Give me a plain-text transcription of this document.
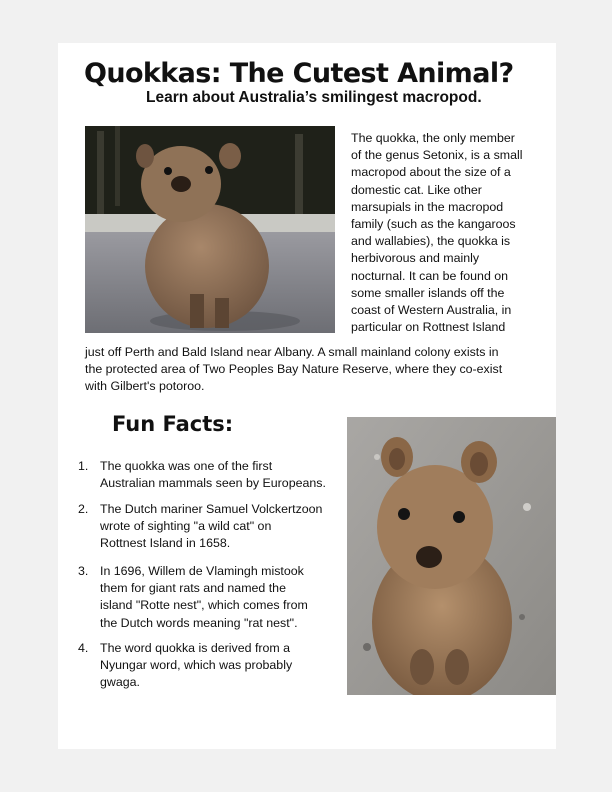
Quokkas: The Cutest Animal?
Learn about Australia’s smilingest macropod.

The quokka, the only member
of the genus Setonix, is a small
macropod about the size of a
domestic cat. Like other
marsupials in the macropod
family (such as the kangaroos
and wallabies), the quokka is
herbivorous and mainly
nocturnal. It can be found on
some smaller islands off the
coast of Western Australia, in
particular on Rottnest Island

just off Perth and Bald Island near Albany. A small mainland colony exists in
the protected area of Two Peoples Bay Nature Reserve, where they co-exist
with Gilbert's potoroo.

Fun Facts:
1. The quokka was one of the first
Australian mammals seen by Europeans.
2. The Dutch mariner Samuel Volckertzoon
wrote of sighting "a wild cat" on
Rottnest Island in 1658.
3. In 1696, Willem de Vlamingh mistook
them for giant rats and named the
island "Rotte nest", which comes from
the Dutch words meaning "rat nest".
4. The word quokka is derived from a
Nyungar word, which was probably
gwaga.
